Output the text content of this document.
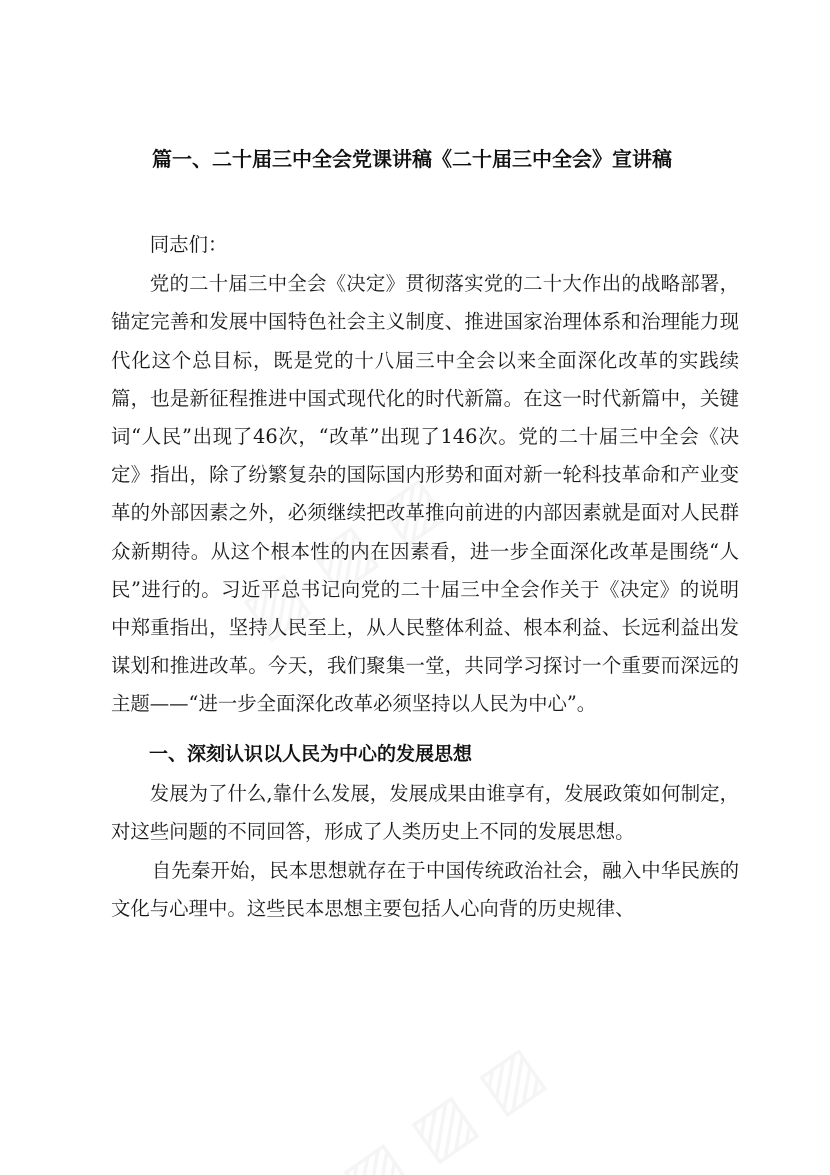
篇一、二十届三中全会党课讲稿《二十届三中全会》宣讲稿

同志们：

党的二十届三中全会《决定》贯彻落实党的二十大作出的战略部署，锚定完善和发展中国特色社会主义制度、推进国家治理体系和治理能力现代化这个总目标，既是党的十八届三中全会以来全面深化改革的实践续篇，也是新征程推进中国式现代化的时代新篇。在这一时代新篇中，关键词“人民”出现了46次，“改革”出现了146次。党的二十届三中全会《决定》指出，除了纷繁复杂的国际国内形势和面对新一轮科技革命和产业变革的外部因素之外，必须继续把改革推向前进的内部因素就是面对人民群众新期待。从这个根本性的内在因素看，进一步全面深化改革是围绕“人民”进行的。习近平总书记向党的二十届三中全会作关于《决定》的说明中郑重指出，坚持人民至上，从人民整体利益、根本利益、长远利益出发谋划和推进改革。今天，我们聚集一堂，共同学习探讨一个重要而深远的主题——“进一步全面深化改革必须坚持以人民为中心”。

一、深刻认识以人民为中心的发展思想

发展为了什么,靠什么发展，发展成果由谁享有，发展政策如何制定，对这些问题的不同回答，形成了人类历史上不同的发展思想。

自先秦开始，民本思想就存在于中国传统政治社会，融入中华民族的文化与心理中。这些民本思想主要包括人心向背的历史规律、
